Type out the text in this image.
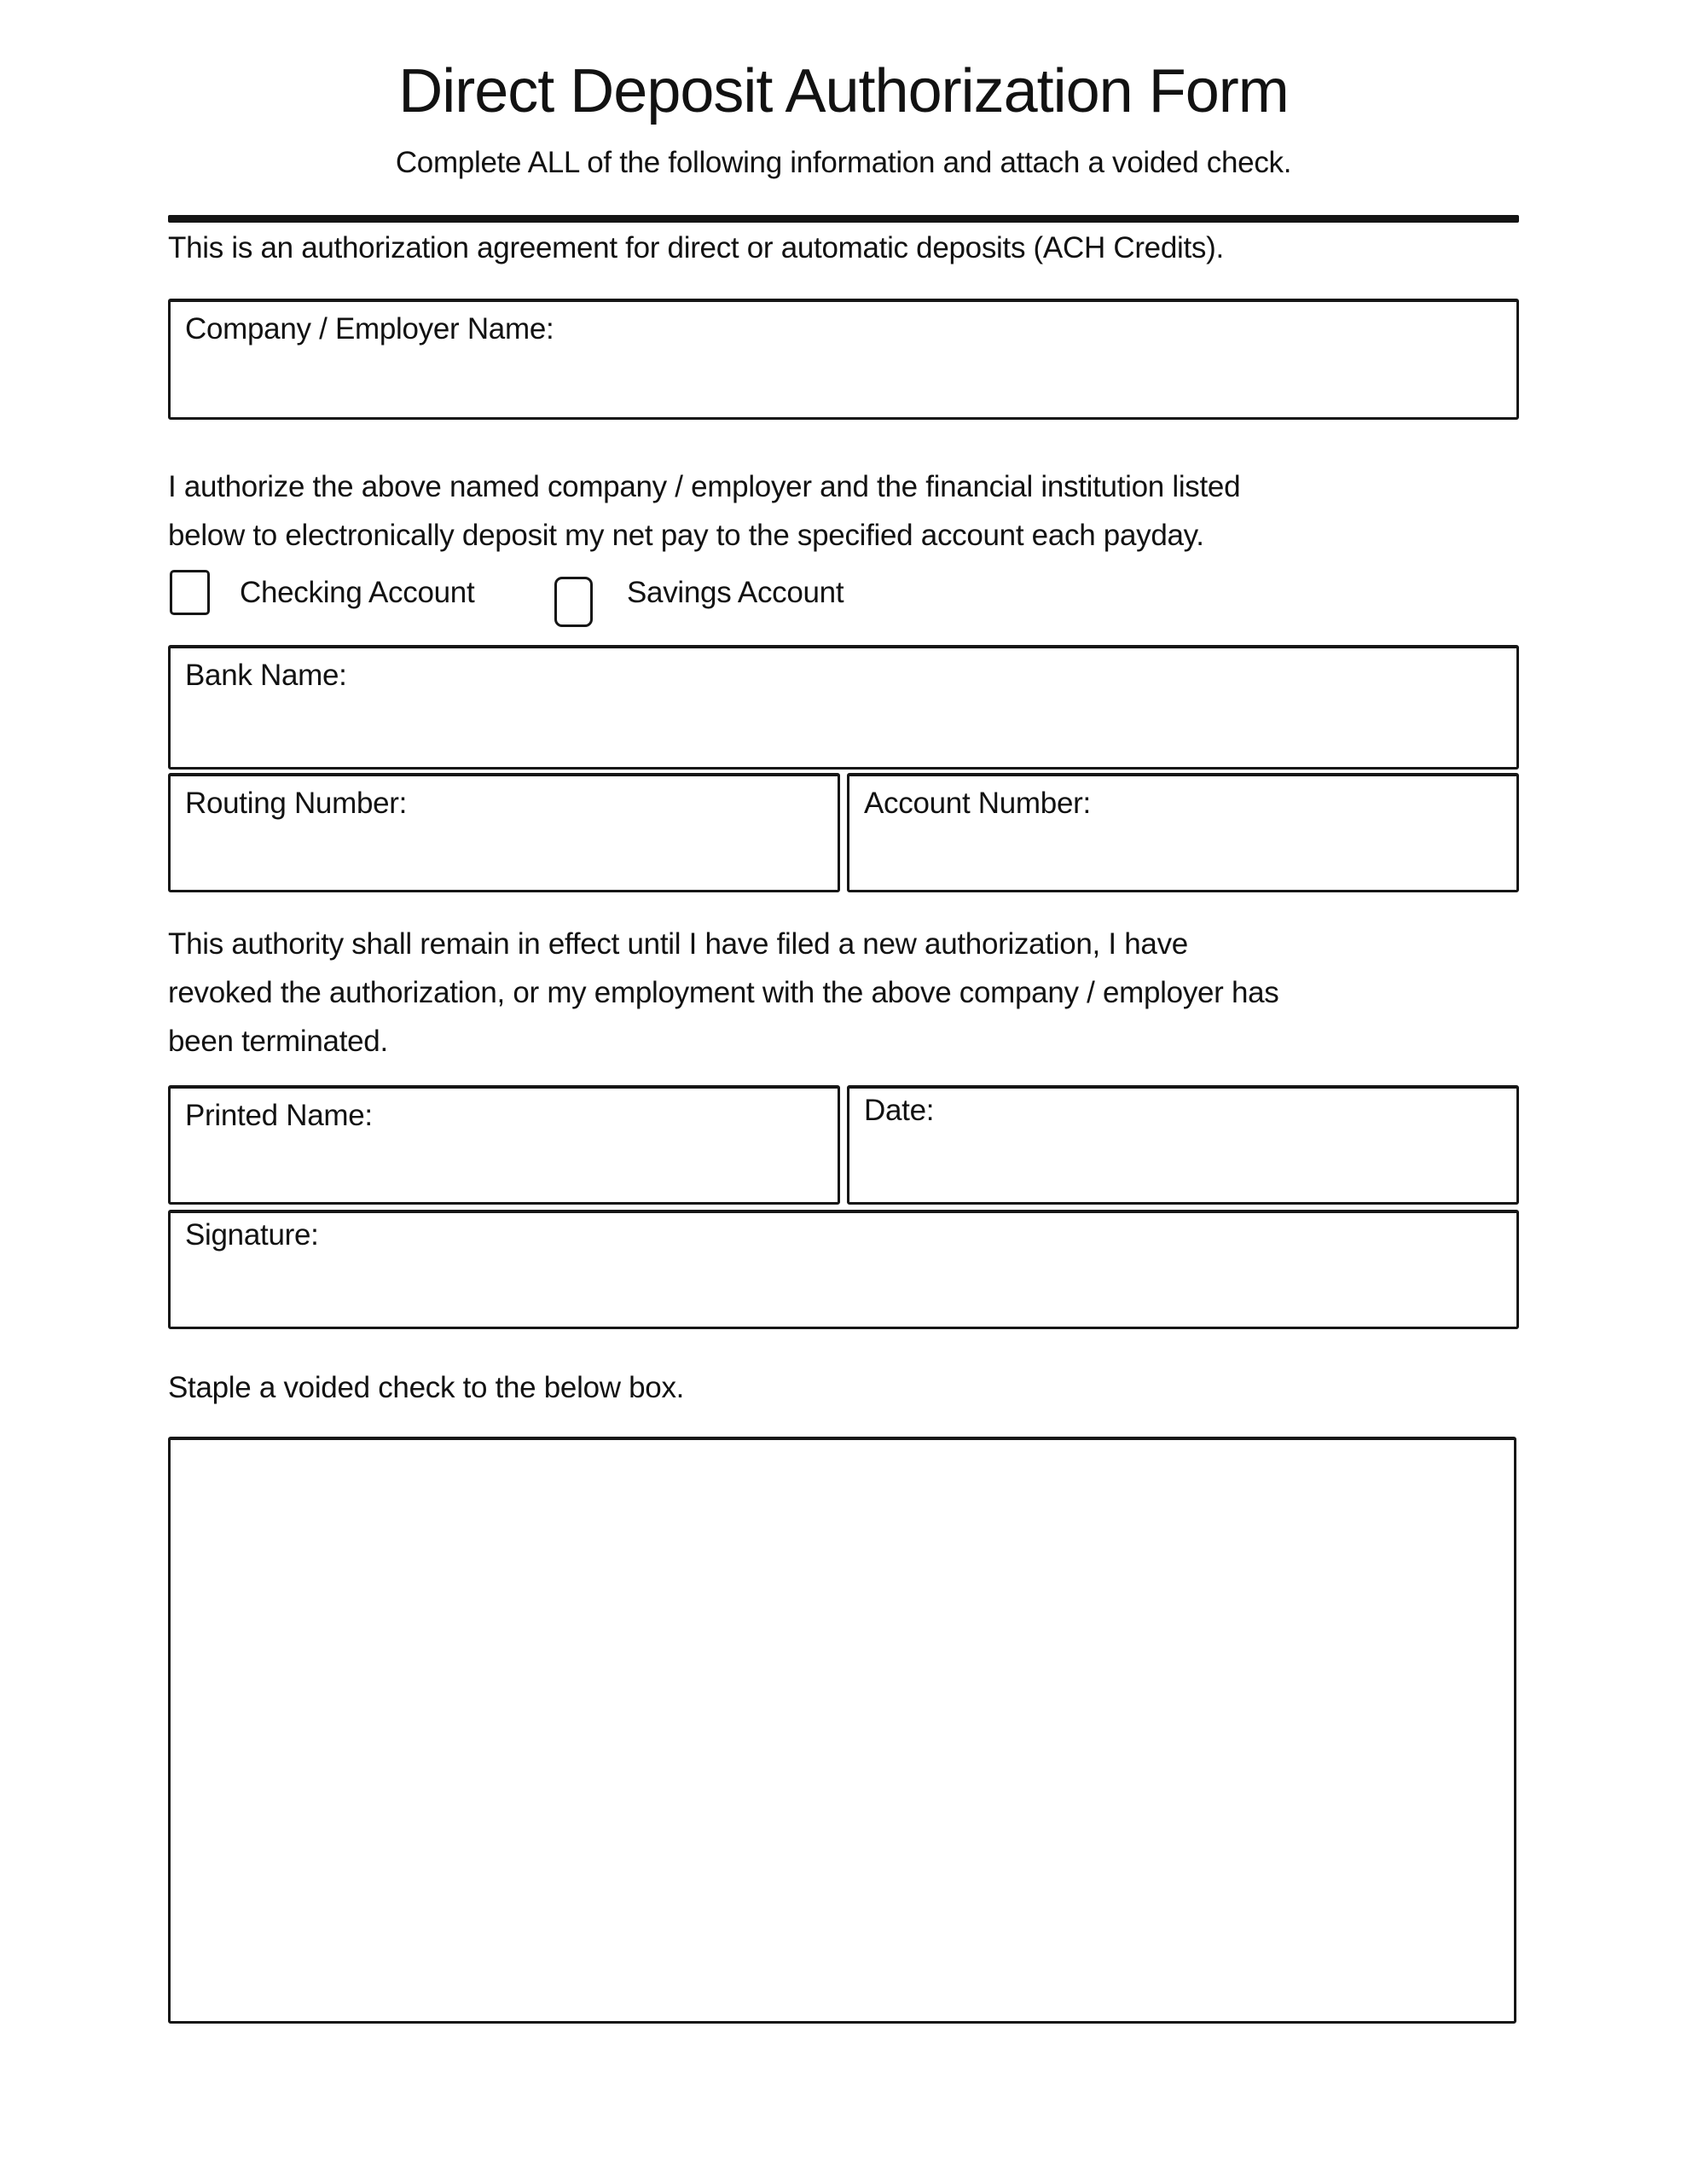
Direct Deposit Authorization Form
Complete ALL of the following information and attach a voided check.
This is an authorization agreement for direct or automatic deposits (ACH Credits).
Company / Employer Name:
I authorize the above named company / employer and the financial institution listed
below to electronically deposit my net pay to the specified account each payday.
Checking Account	Savings Account
Bank Name:
Routing Number:	Account Number:
This authority shall remain in effect until I have filed a new authorization, I have
revoked the authorization, or my employment with the above company / employer has
been terminated.
Printed Name:	Date:
Signature:
Staple a voided check to the below box.
